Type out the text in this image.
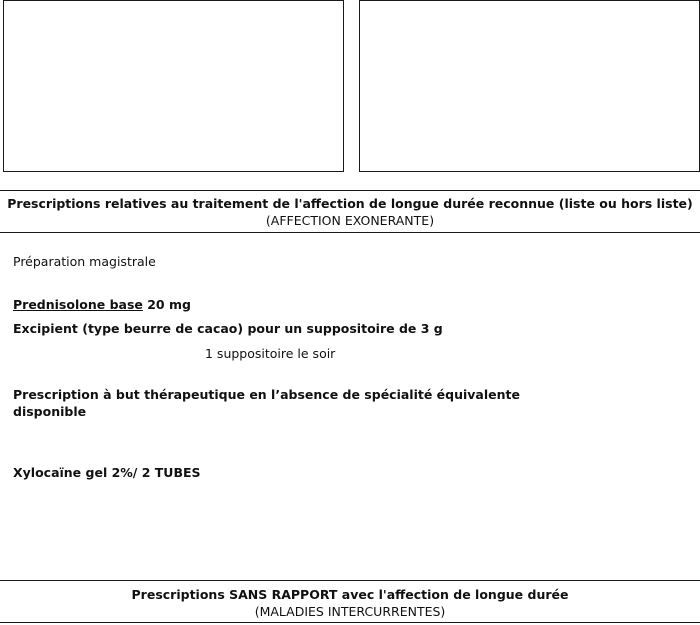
Prescriptions relatives au traitement de l'affection de longue durée reconnue (liste ou hors liste)
(AFFECTION EXONERANTE)
Préparation magistrale
Prednisolone base 20 mg
Excipient (type beurre de cacao) pour un suppositoire de 3 g
1 suppositoire le soir
Prescription à but thérapeutique en l’absence de spécialité équivalente
disponible
Xylocaïne gel 2%/ 2 TUBES
Prescriptions SANS RAPPORT avec l'affection de longue durée
(MALADIES INTERCURRENTES)
